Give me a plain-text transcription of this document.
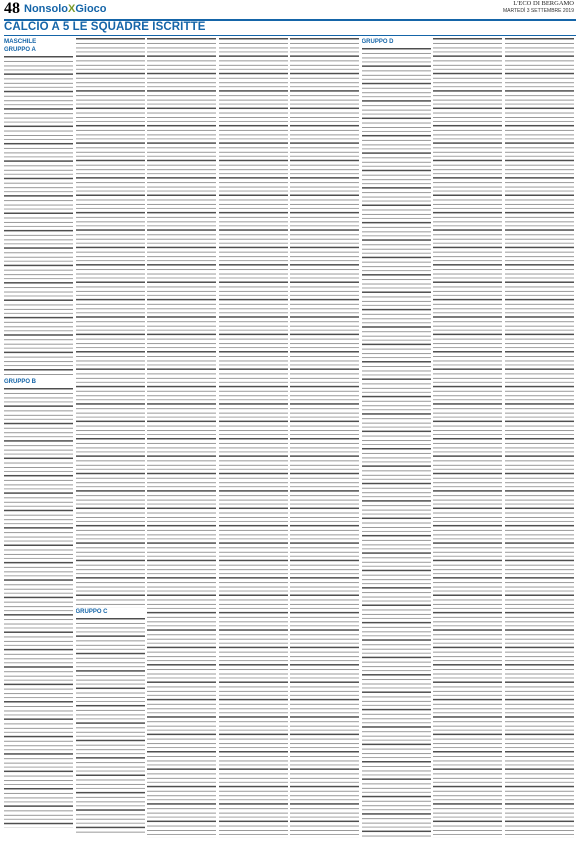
48 NonsoloXGioco	L'ECO DI BERGAMO
MARTEDÌ 3 SETTEMBRE 2019
CALCIO A 5 LE SQUADRE ISCRITTE
MASCHILE
GRUPPO A
GRUPPO B
GRUPPO C
GRUPPO D
